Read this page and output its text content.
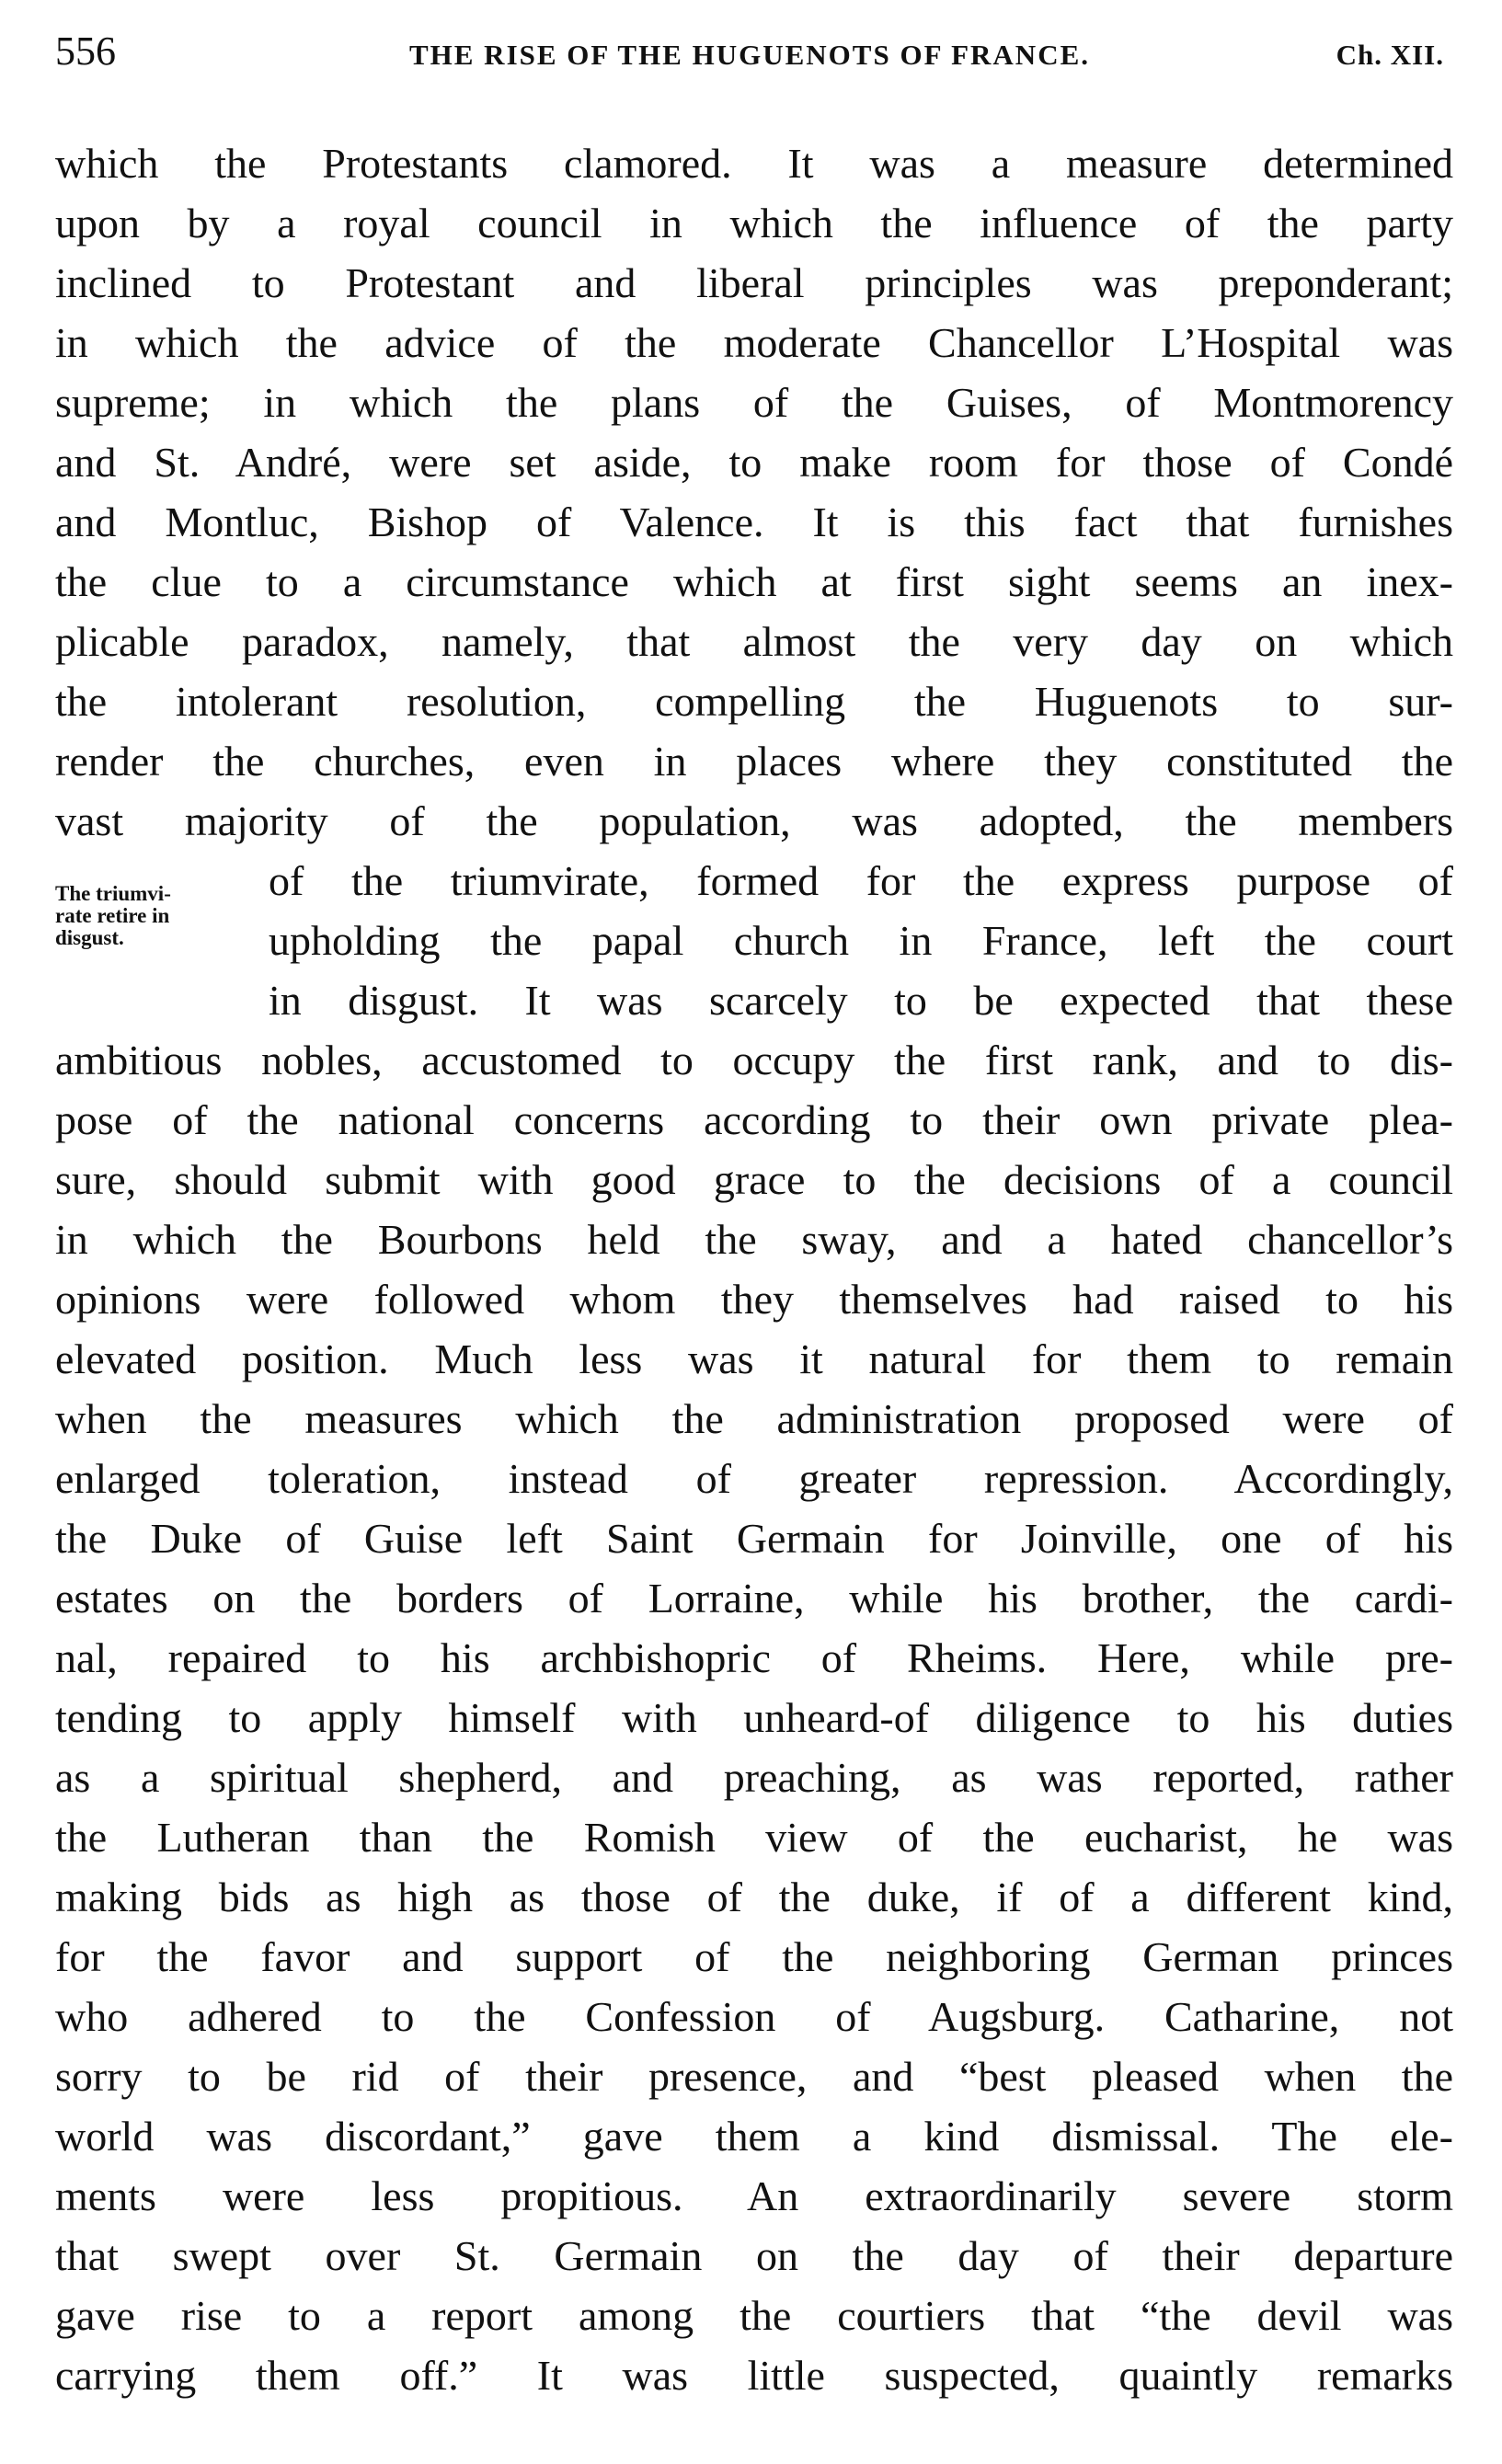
556	THE RISE OF THE HUGUENOTS OF FRANCE.	Ch. XII.
The triumvi-
rate retire in
disgust.
which the Protestants clamored. It was a measure determined
upon by a royal council in which the influence of the party
inclined to Protestant and liberal principles was preponderant;
in which the advice of the moderate Chancellor L’Hospital was
supreme; in which the plans of the Guises, of Montmorency
and St. André, were set aside, to make room for those of Condé
and Montluc, Bishop of Valence. It is this fact that furnishes
the clue to a circumstance which at first sight seems an inex-
plicable paradox, namely, that almost the very day on which
the intolerant resolution, compelling the Huguenots to sur-
render the churches, even in places where they constituted the
vast majority of the population, was adopted, the members
of the triumvirate, formed for the express purpose of
upholding the papal church in France, left the court
in disgust. It was scarcely to be expected that these
ambitious nobles, accustomed to occupy the first rank, and to dis-
pose of the national concerns according to their own private plea-
sure, should submit with good grace to the decisions of a council
in which the Bourbons held the sway, and a hated chancellor’s
opinions were followed whom they themselves had raised to his
elevated position. Much less was it natural for them to remain
when the measures which the administration proposed were of
enlarged toleration, instead of greater repression. Accordingly,
the Duke of Guise left Saint Germain for Joinville, one of his
estates on the borders of Lorraine, while his brother, the cardi-
nal, repaired to his archbishopric of Rheims. Here, while pre-
tending to apply himself with unheard-of diligence to his duties
as a spiritual shepherd, and preaching, as was reported, rather
the Lutheran than the Romish view of the eucharist, he was
making bids as high as those of the duke, if of a different kind,
for the favor and support of the neighboring German princes
who adhered to the Confession of Augsburg. Catharine, not
sorry to be rid of their presence, and “best pleased when the
world was discordant,” gave them a kind dismissal. The ele-
ments were less propitious. An extraordinarily severe storm
that swept over St. Germain on the day of their departure
gave rise to a report among the courtiers that “the devil was
carrying them off.” It was little suspected, quaintly remarks
